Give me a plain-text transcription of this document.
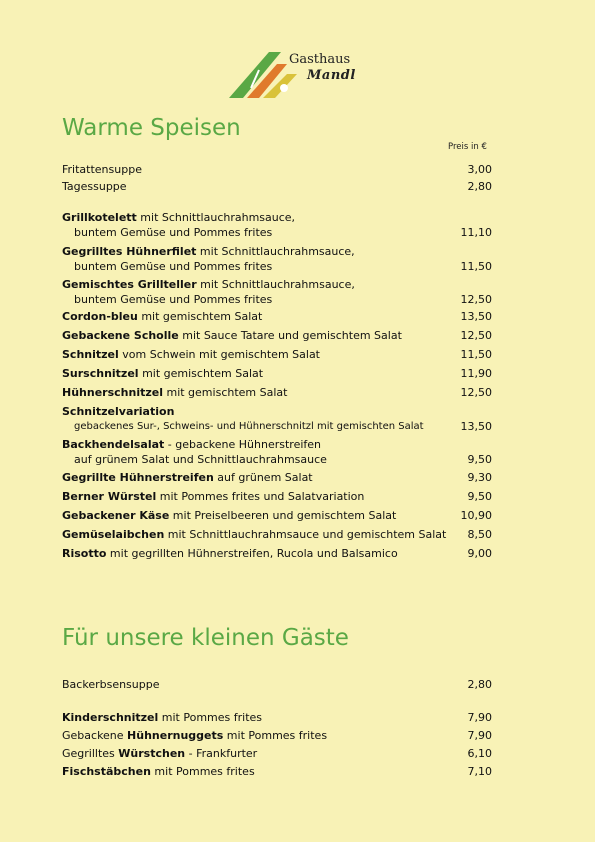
Gasthaus
Mandl
Warme Speisen
Preis in €
Fritattensuppe	3,00
Tagessuppe	2,80
Grillkotelett mit Schnittlauchrahmsauce,
buntem Gemüse und Pommes frites	11,10
Gegrilltes Hühnerfilet mit Schnittlauchrahmsauce,
buntem Gemüse und Pommes frites	11,50
Gemischtes Grillteller mit Schnittlauchrahmsauce,
buntem Gemüse und Pommes frites	12,50
Cordon-bleu mit gemischtem Salat	13,50
Gebackene Scholle mit Sauce Tatare und gemischtem Salat	12,50
Schnitzel vom Schwein mit gemischtem Salat	11,50
Surschnitzel mit gemischtem Salat	11,90
Hühnerschnitzel mit gemischtem Salat	12,50
Schnitzelvariation
gebackenes Sur-, Schweins- und Hühnerschnitzl mit gemischten Salat	13,50
Backhendelsalat - gebackene Hühnerstreifen
auf grünem Salat und Schnittlauchrahmsauce	9,50
Gegrillte Hühnerstreifen auf grünem Salat	9,30
Berner Würstel mit Pommes frites und Salatvariation	9,50
Gebackener Käse mit Preiselbeeren und gemischtem Salat	10,90
Gemüselaibchen mit Schnittlauchrahmsauce und gemischtem Salat	8,50
Risotto mit gegrillten Hühnerstreifen, Rucola und Balsamico	9,00
Für unsere kleinen Gäste
Backerbsensuppe	2,80
Kinderschnitzel mit Pommes frites	7,90
Gebackene Hühnernuggets mit Pommes frites	7,90
Gegrilltes Würstchen - Frankfurter	6,10
Fischstäbchen mit Pommes frites	7,10
